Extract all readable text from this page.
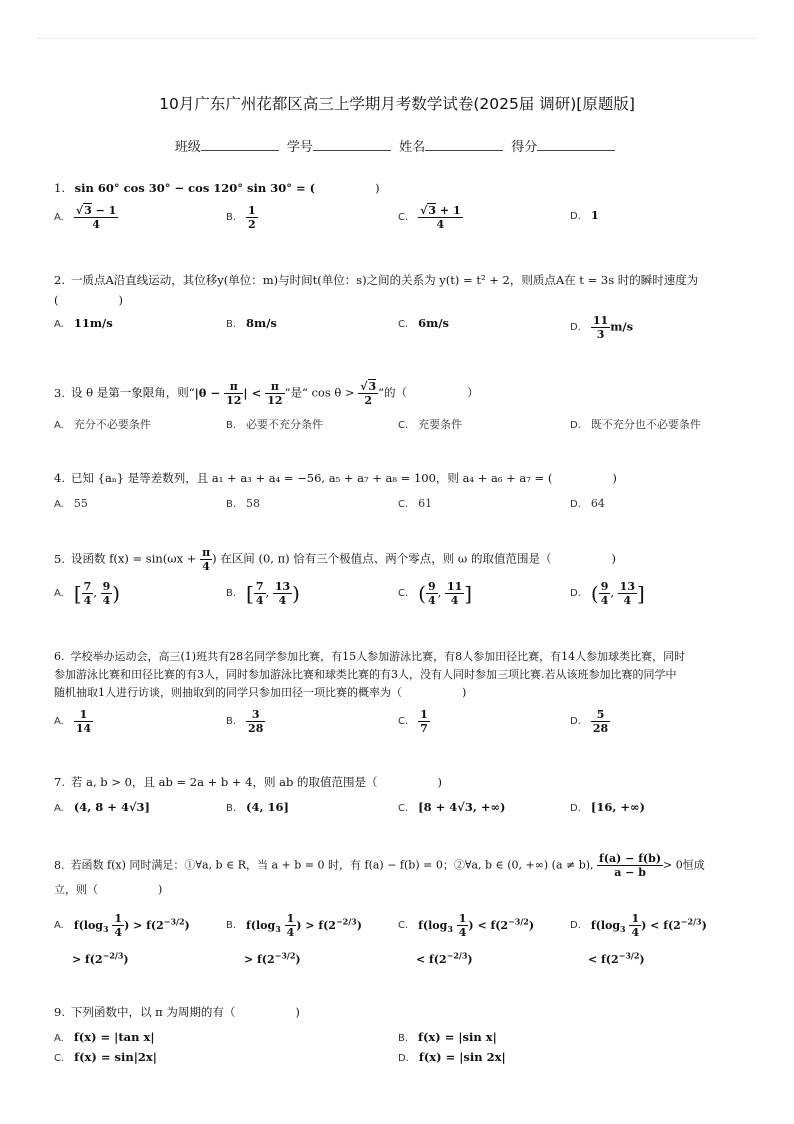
10月广东广州花都区高三上学期月考数学试卷(2025届 调研)[原题版]
班级	学号	姓名	得分
1. sin 60° cos 30° − cos 120° sin 30° = (	)
A. $\frac{√3 - 1}{4}$	B. $\frac{1}{2}$	C. $\frac{√3 + 1}{4}$	D. 1
2. 一质点A沿直线运动，其位移y(单位：m)与时间t(单位：s)之间的关系为 y(t) = t² + 2，则质点A在 t = 3s 时的瞬时速度为
(	)
A. 11m/s	B. 8m/s	C. 6m/s	D. $\frac{11}{3} m/s$
3. 设 θ 是第一象限角，则“$|\theta - \frac{\pi}{12}$ | < $\frac{\pi}{12}$ ”是“ $\cos \theta > \frac{√3}{2}$ ”的（	）
A. 充分不必要条件	B. 必要不充分条件	C. 充要条件	D. 既不充分也不必要条件
4. 已知 {aₙ} 是等差数列，且 a₁ + a₃ + a₄ = −56, a₅ + a₇ + a₈ = 100，则 a₄ + a₆ + a₇ = (	)
A. 55	B. 58	C. 61	D. 64
5. 设函数 $f(x) = \sin(\omega x + \frac{\pi}{4}$ ) 在区间 (0, π) 恰有三个极值点、两个零点，则 ω 的取值范围是（	)
A. [ $\frac{7}{4}$ , $\frac{9}{4}$ )	B. [ $\frac{7}{4}$ , $\frac{13}{4}$ )	C. ( $\frac{9}{4}$ , $\frac{11}{4}$ ]	D. ( $\frac{9}{4}$ , $\frac{13}{4}$ ]
6. 学校举办运动会，高三(1)班共有28名同学参加比赛，有15人参加游泳比赛，有8人参加田径比赛，有14人参加球类比赛，同时
参加游泳比赛和田径比赛的有3人，同时参加游泳比赛和球类比赛的有3人，没有人同时参加三项比赛.若从该班参加比赛的同学中
随机抽取1人进行访谈，则抽取到的同学只参加田径一项比赛的概率为（	)
A. $\frac{1}{14}$	B. $\frac{3}{28}$	C. $\frac{1}{7}$	D. $\frac{5}{28}$
7. 若 a, b > 0，且 ab = 2a + b + 4，则 ab 的取值范围是（	)
A. (4, 8 + 4√3]	B. (4, 16]	C. [8 + 4√3, +∞)	D. [16, +∞)
8. 若函数 f(x) 同时满足：①∀a, b ∈ R，当 a + b = 0 时，有 f(a) − f(b) = 0；②∀a, b ∈ (0, +∞) (a ≠ b), $\frac{f(a) - f(b)}{a - b} > 0$恒成
立，则（	)
A. $f(\log_3 \frac{1}{4}$ ) > $f(2^{-3/2})$
> $f(2^{-2/3})$
B. $f(\log_3 \frac{1}{4}$ ) > $f(2^{-2/3})$
> $f(2^{-3/2})$
C. $f(\log_3 \frac{1}{4}$ ) < $f(2^{-3/2})$
< $f(2^{-2/3})$
D. $f(\log_3 \frac{1}{4}$ ) < $f(2^{-2/3})$
< $f(2^{-3/2})$
9. 下列函数中，以 π 为周期的有（	)
A. f(x) = |tan x|	B. f(x) = |sin x|
C. f(x) = sin|2x|	D. f(x) = |sin 2x|
